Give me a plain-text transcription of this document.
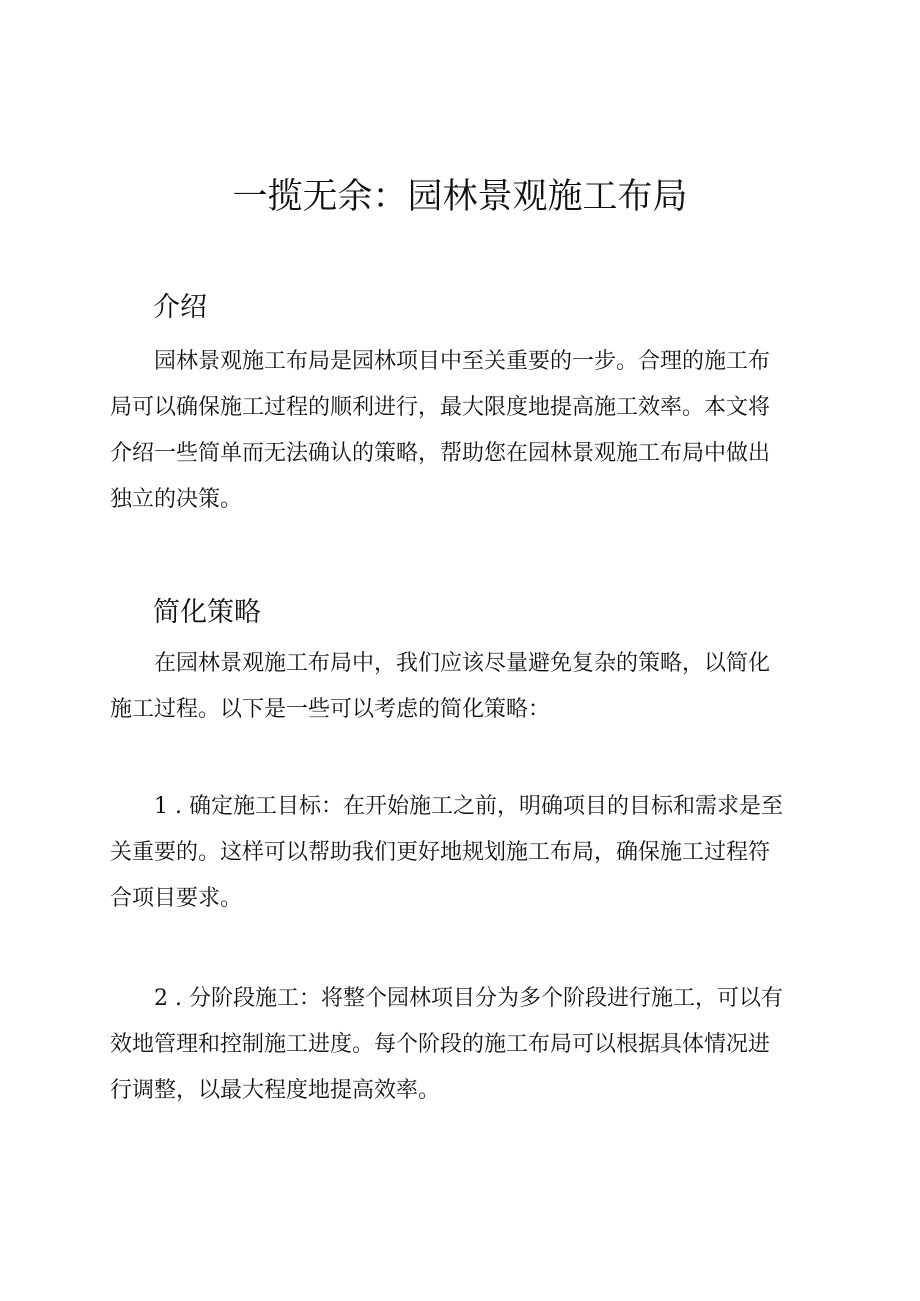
一揽无余：园林景观施工布局
介绍
园林景观施工布局是园林项目中至关重要的一步。合理的施工布
局可以确保施工过程的顺利进行，最大限度地提高施工效率。本文将
介绍一些简单而无法确认的策略，帮助您在园林景观施工布局中做出
独立的决策。
简化策略
在园林景观施工布局中，我们应该尽量避免复杂的策略，以简化
施工过程。以下是一些可以考虑的简化策略：
1 . 确定施工目标：在开始施工之前，明确项目的目标和需求是至
关重要的。这样可以帮助我们更好地规划施工布局，确保施工过程符
合项目要求。
2 . 分阶段施工：将整个园林项目分为多个阶段进行施工，可以有
效地管理和控制施工进度。每个阶段的施工布局可以根据具体情况进
行调整，以最大程度地提高效率。
